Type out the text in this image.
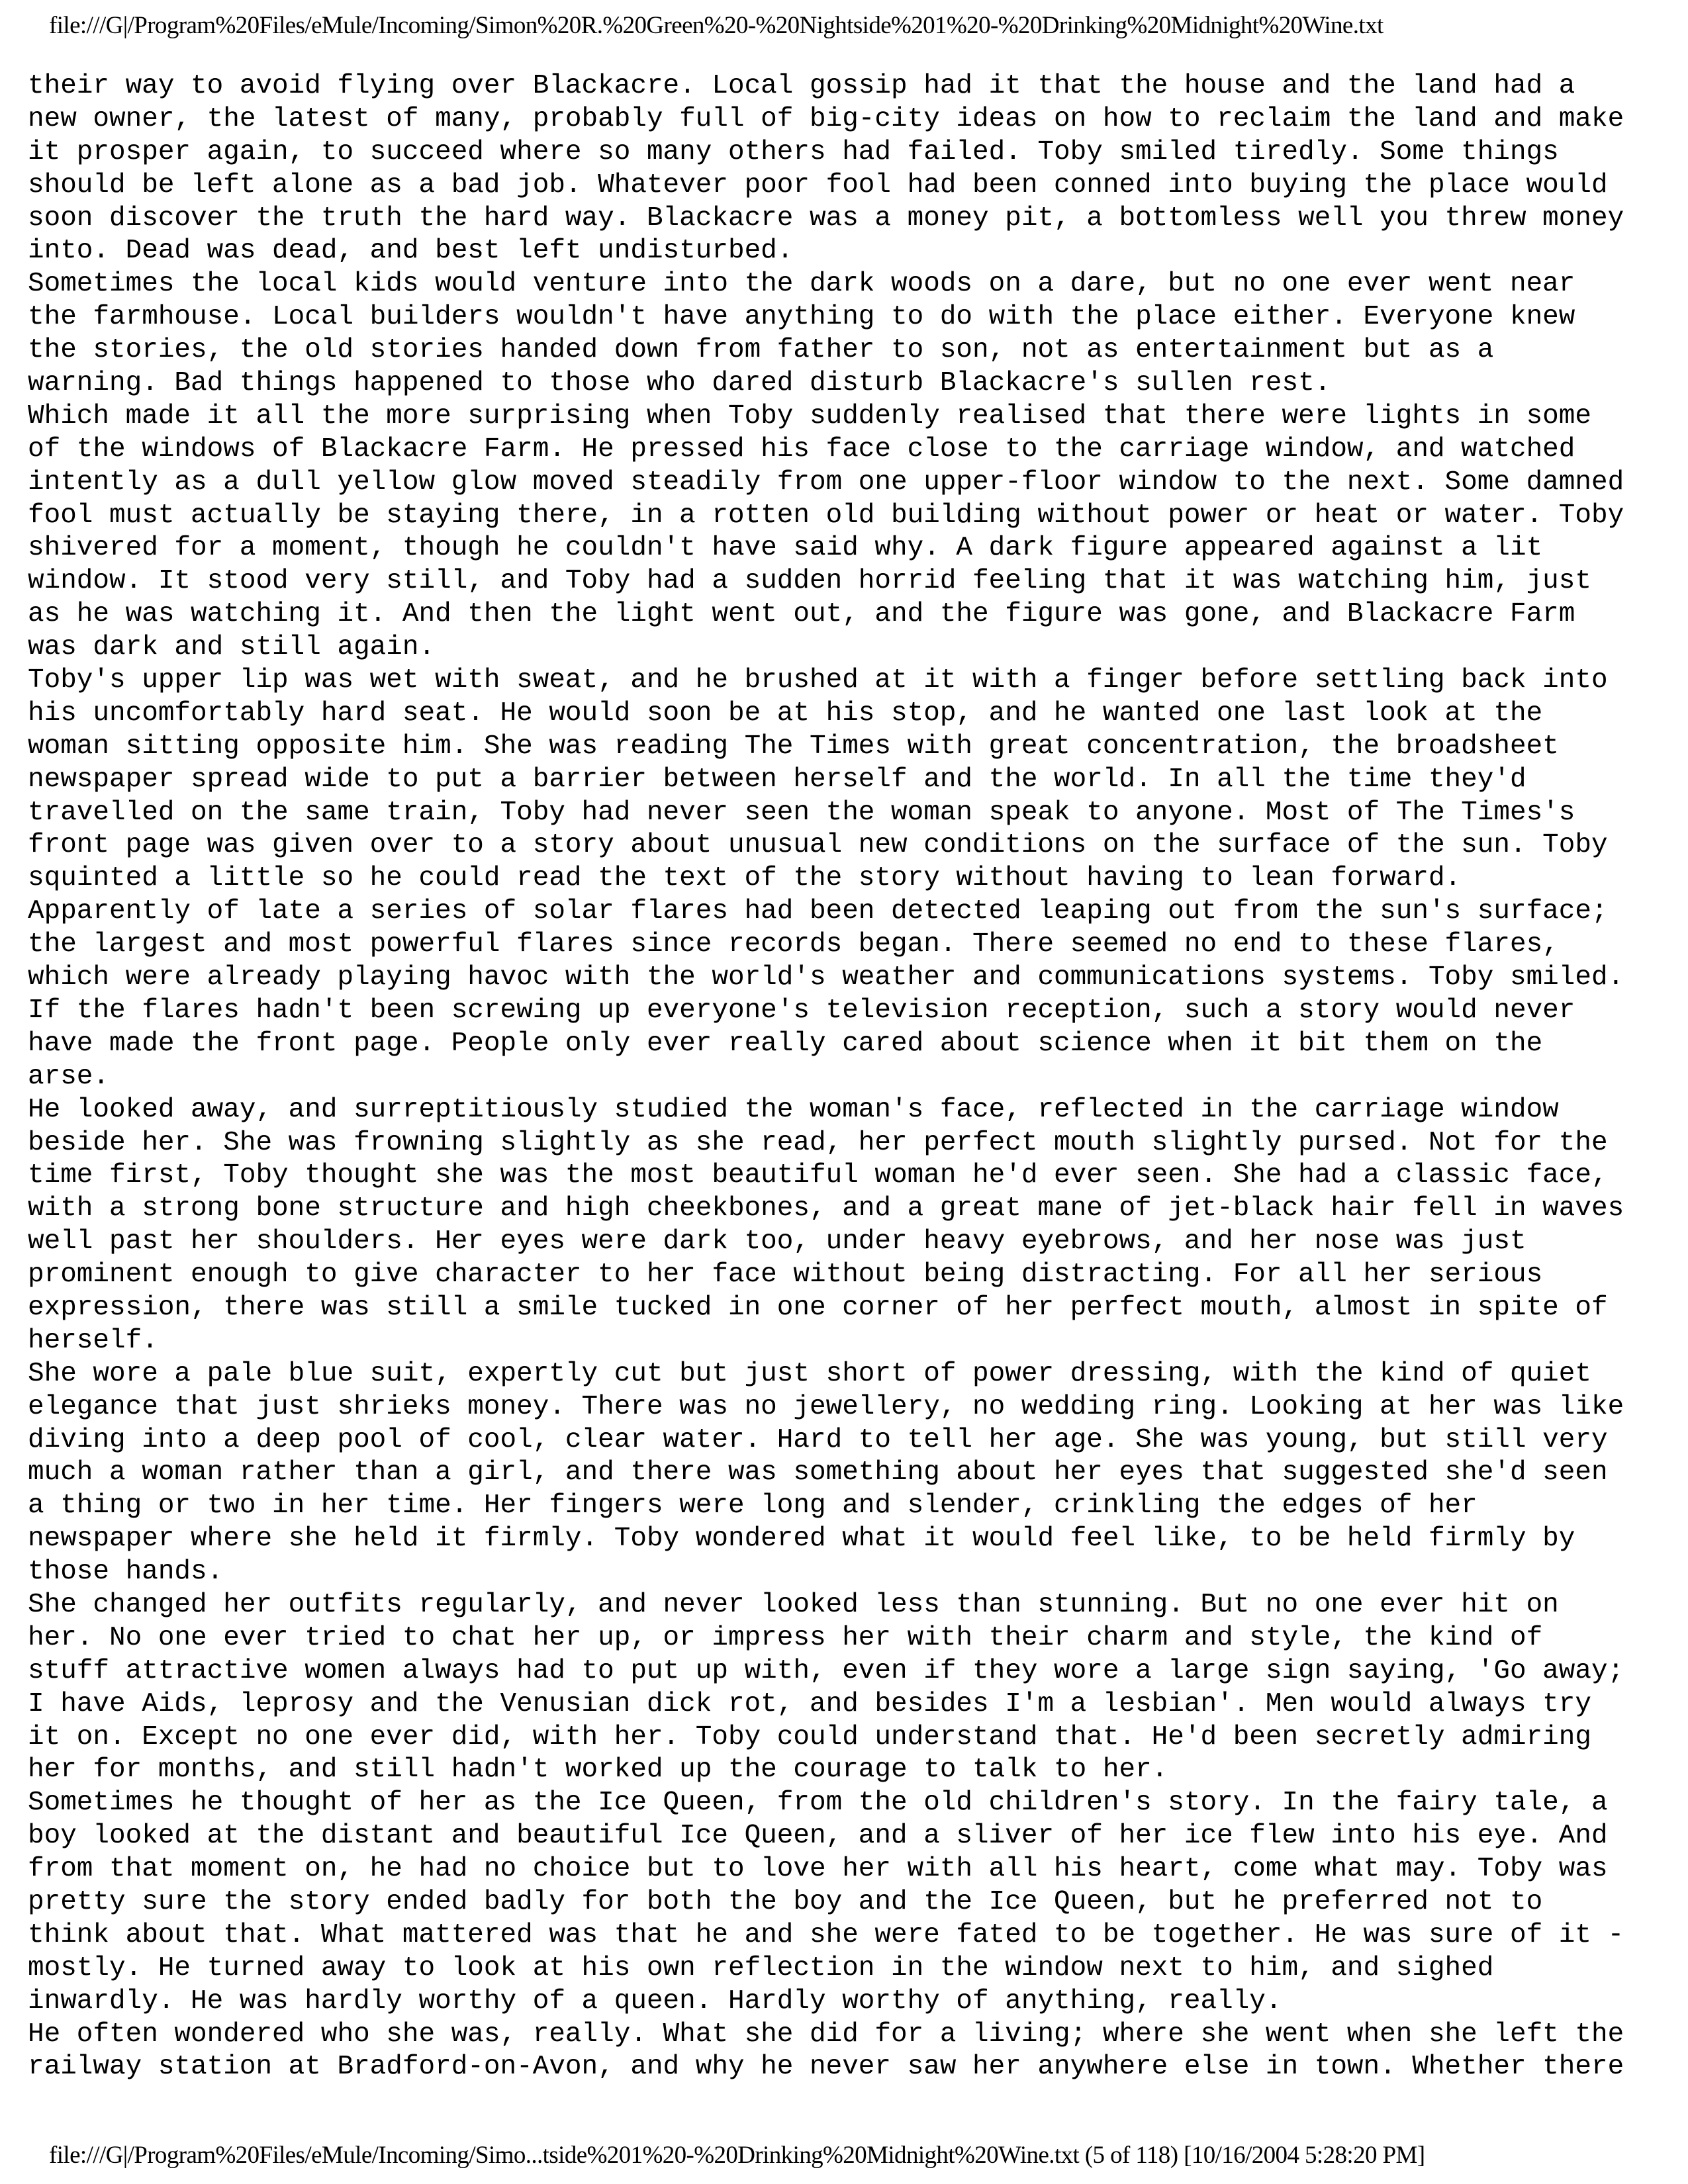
file:///G|/Program%20Files/eMule/Incoming/Simon%20R.%20Green%20-%20Nightside%201%20-%20Drinking%20Midnight%20Wine.txt
their way to avoid flying over Blackacre. Local gossip had it that the house and the land had a
new owner, the latest of many, probably full of big-city ideas on how to reclaim the land and make
it prosper again, to succeed where so many others had failed. Toby smiled tiredly. Some things
should be left alone as a bad job. Whatever poor fool had been conned into buying the place would
soon discover the truth the hard way. Blackacre was a money pit, a bottomless well you threw money
into. Dead was dead, and best left undisturbed.
Sometimes the local kids would venture into the dark woods on a dare, but no one ever went near
the farmhouse. Local builders wouldn't have anything to do with the place either. Everyone knew
the stories, the old stories handed down from father to son, not as entertainment but as a
warning. Bad things happened to those who dared disturb Blackacre's sullen rest.
Which made it all the more surprising when Toby suddenly realised that there were lights in some
of the windows of Blackacre Farm. He pressed his face close to the carriage window, and watched
intently as a dull yellow glow moved steadily from one upper-floor window to the next. Some damned
fool must actually be staying there, in a rotten old building without power or heat or water. Toby
shivered for a moment, though he couldn't have said why. A dark figure appeared against a lit
window. It stood very still, and Toby had a sudden horrid feeling that it was watching him, just
as he was watching it. And then the light went out, and the figure was gone, and Blackacre Farm
was dark and still again.
Toby's upper lip was wet with sweat, and he brushed at it with a finger before settling back into
his uncomfortably hard seat. He would soon be at his stop, and he wanted one last look at the
woman sitting opposite him. She was reading The Times with great concentration, the broadsheet
newspaper spread wide to put a barrier between herself and the world. In all the time they'd
travelled on the same train, Toby had never seen the woman speak to anyone. Most of The Times's
front page was given over to a story about unusual new conditions on the surface of the sun. Toby
squinted a little so he could read the text of the story without having to lean forward.
Apparently of late a series of solar flares had been detected leaping out from the sun's surface;
the largest and most powerful flares since records began. There seemed no end to these flares,
which were already playing havoc with the world's weather and communications systems. Toby smiled.
If the flares hadn't been screwing up everyone's television reception, such a story would never
have made the front page. People only ever really cared about science when it bit them on the
arse.
He looked away, and surreptitiously studied the woman's face, reflected in the carriage window
beside her. She was frowning slightly as she read, her perfect mouth slightly pursed. Not for the
time first, Toby thought she was the most beautiful woman he'd ever seen. She had a classic face,
with a strong bone structure and high cheekbones, and a great mane of jet-black hair fell in waves
well past her shoulders. Her eyes were dark too, under heavy eyebrows, and her nose was just
prominent enough to give character to her face without being distracting. For all her serious
expression, there was still a smile tucked in one corner of her perfect mouth, almost in spite of
herself.
She wore a pale blue suit, expertly cut but just short of power dressing, with the kind of quiet
elegance that just shrieks money. There was no jewellery, no wedding ring. Looking at her was like
diving into a deep pool of cool, clear water. Hard to tell her age. She was young, but still very
much a woman rather than a girl, and there was something about her eyes that suggested she'd seen
a thing or two in her time. Her fingers were long and slender, crinkling the edges of her
newspaper where she held it firmly. Toby wondered what it would feel like, to be held firmly by
those hands.
She changed her outfits regularly, and never looked less than stunning. But no one ever hit on
her. No one ever tried to chat her up, or impress her with their charm and style, the kind of
stuff attractive women always had to put up with, even if they wore a large sign saying, 'Go away;
I have Aids, leprosy and the Venusian dick rot, and besides I'm a lesbian'. Men would always try
it on. Except no one ever did, with her. Toby could understand that. He'd been secretly admiring
her for months, and still hadn't worked up the courage to talk to her.
Sometimes he thought of her as the Ice Queen, from the old children's story. In the fairy tale, a
boy looked at the distant and beautiful Ice Queen, and a sliver of her ice flew into his eye. And
from that moment on, he had no choice but to love her with all his heart, come what may. Toby was
pretty sure the story ended badly for both the boy and the Ice Queen, but he preferred not to
think about that. What mattered was that he and she were fated to be together. He was sure of it -
mostly. He turned away to look at his own reflection in the window next to him, and sighed
inwardly. He was hardly worthy of a queen. Hardly worthy of anything, really.
He often wondered who she was, really. What she did for a living; where she went when she left the
railway station at Bradford-on-Avon, and why he never saw her anywhere else in town. Whether there
file:///G|/Program%20Files/eMule/Incoming/Simo...tside%201%20-%20Drinking%20Midnight%20Wine.txt (5 of 118) [10/16/2004 5:28:20 PM]
